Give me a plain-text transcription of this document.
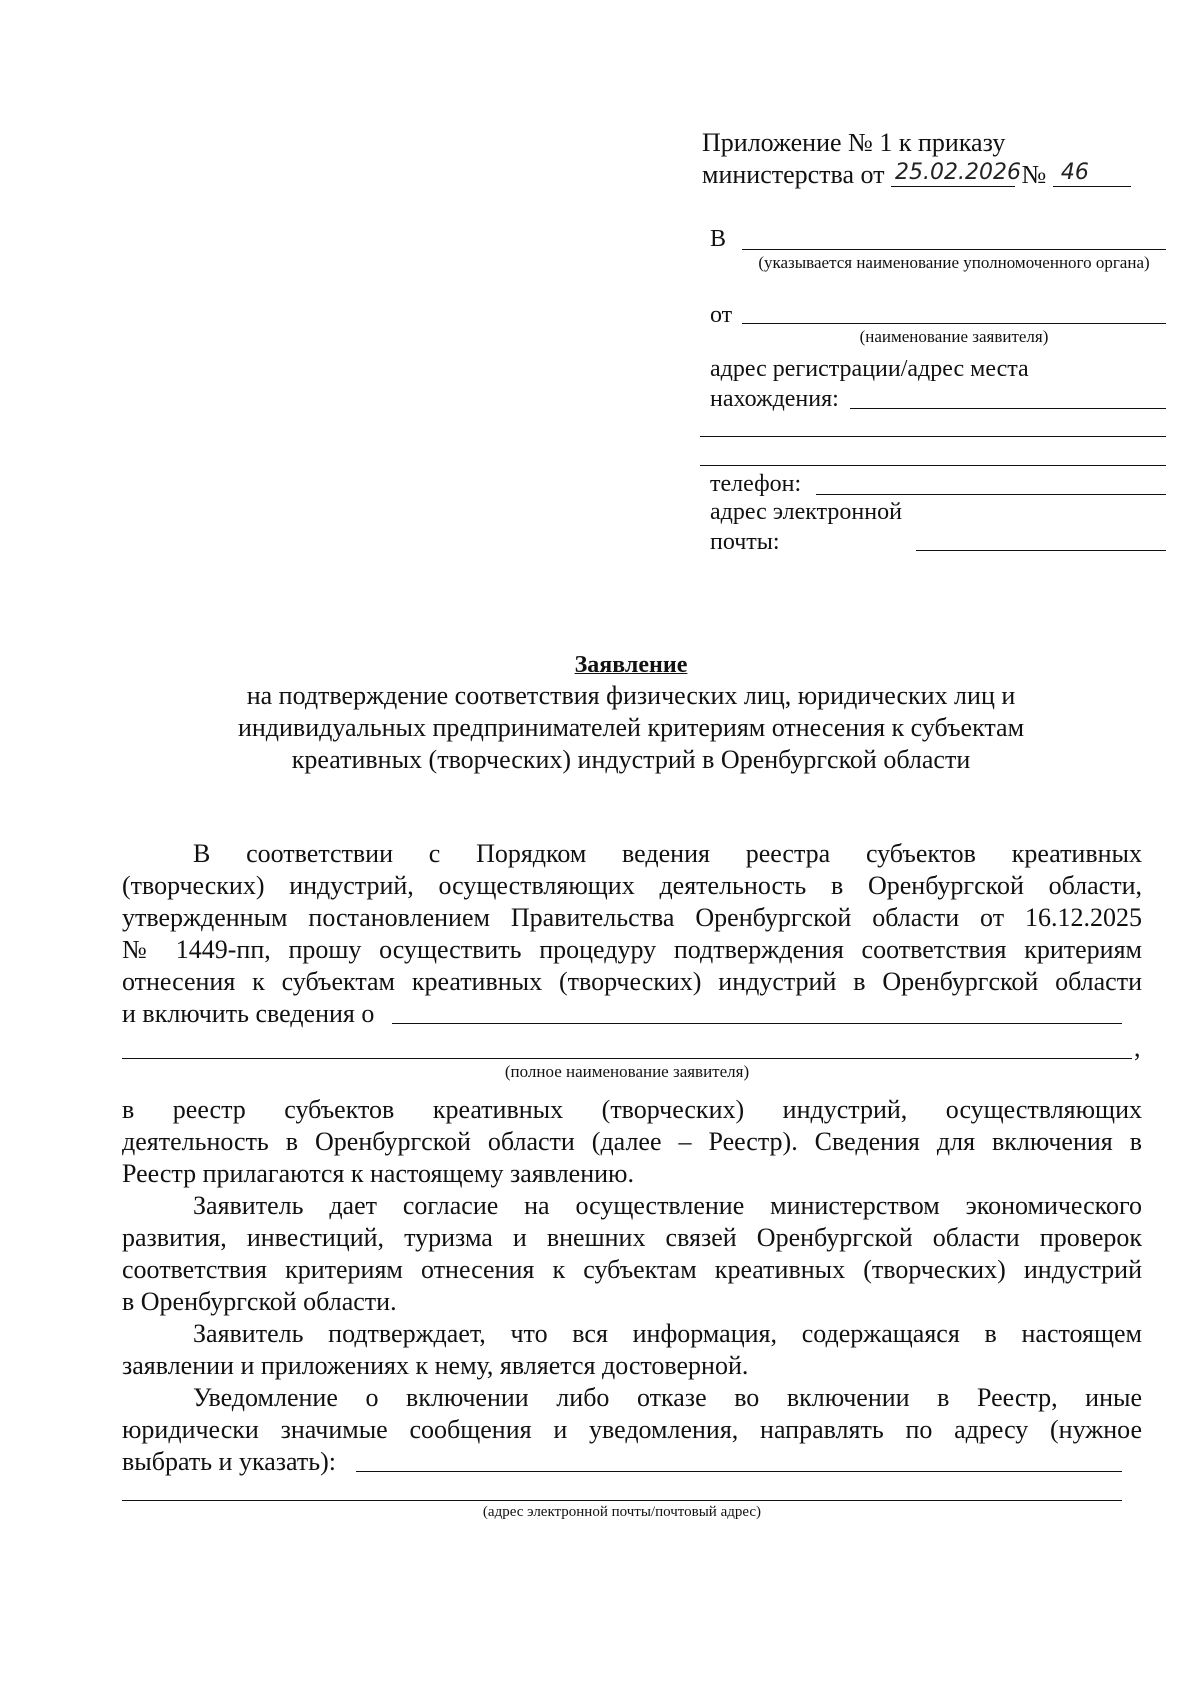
Приложение № 1 к приказу
министерства от 25.02.2026 № 46
В
(указывается наименование уполномоченного органа)
от
(наименование заявителя)
адрес регистрации/адрес места
нахождения:
телефон:
адрес электронной
почты:
Заявление
на подтверждение соответствия физических лиц, юридических лиц и
индивидуальных предпринимателей критериям отнесения к субъектам
креативных (творческих) индустрий в Оренбургской области
В соответствии с Порядком ведения реестра субъектов креативных
(творческих) индустрий, осуществляющих деятельность в Оренбургской области,
утвержденным постановлением Правительства Оренбургской области от 16.12.2025
№ 1449-пп, прошу осуществить процедуру подтверждения соответствия критериям
отнесения к субъектам креативных (творческих) индустрий в Оренбургской области
и включить сведения о
,
(полное наименование заявителя)
в реестр субъектов креативных (творческих) индустрий, осуществляющих
деятельность в Оренбургской области (далее – Реестр). Сведения для включения в
Реестр прилагаются к настоящему заявлению.
Заявитель дает согласие на осуществление министерством экономического
развития, инвестиций, туризма и внешних связей Оренбургской области проверок
соответствия критериям отнесения к субъектам креативных (творческих) индустрий
в Оренбургской области.
Заявитель подтверждает, что вся информация, содержащаяся в настоящем
заявлении и приложениях к нему, является достоверной.
Уведомление о включении либо отказе во включении в Реестр, иные
юридически значимые сообщения и уведомления, направлять по адресу (нужное
выбрать и указать):
(адрес электронной почты/почтовый адрес)
